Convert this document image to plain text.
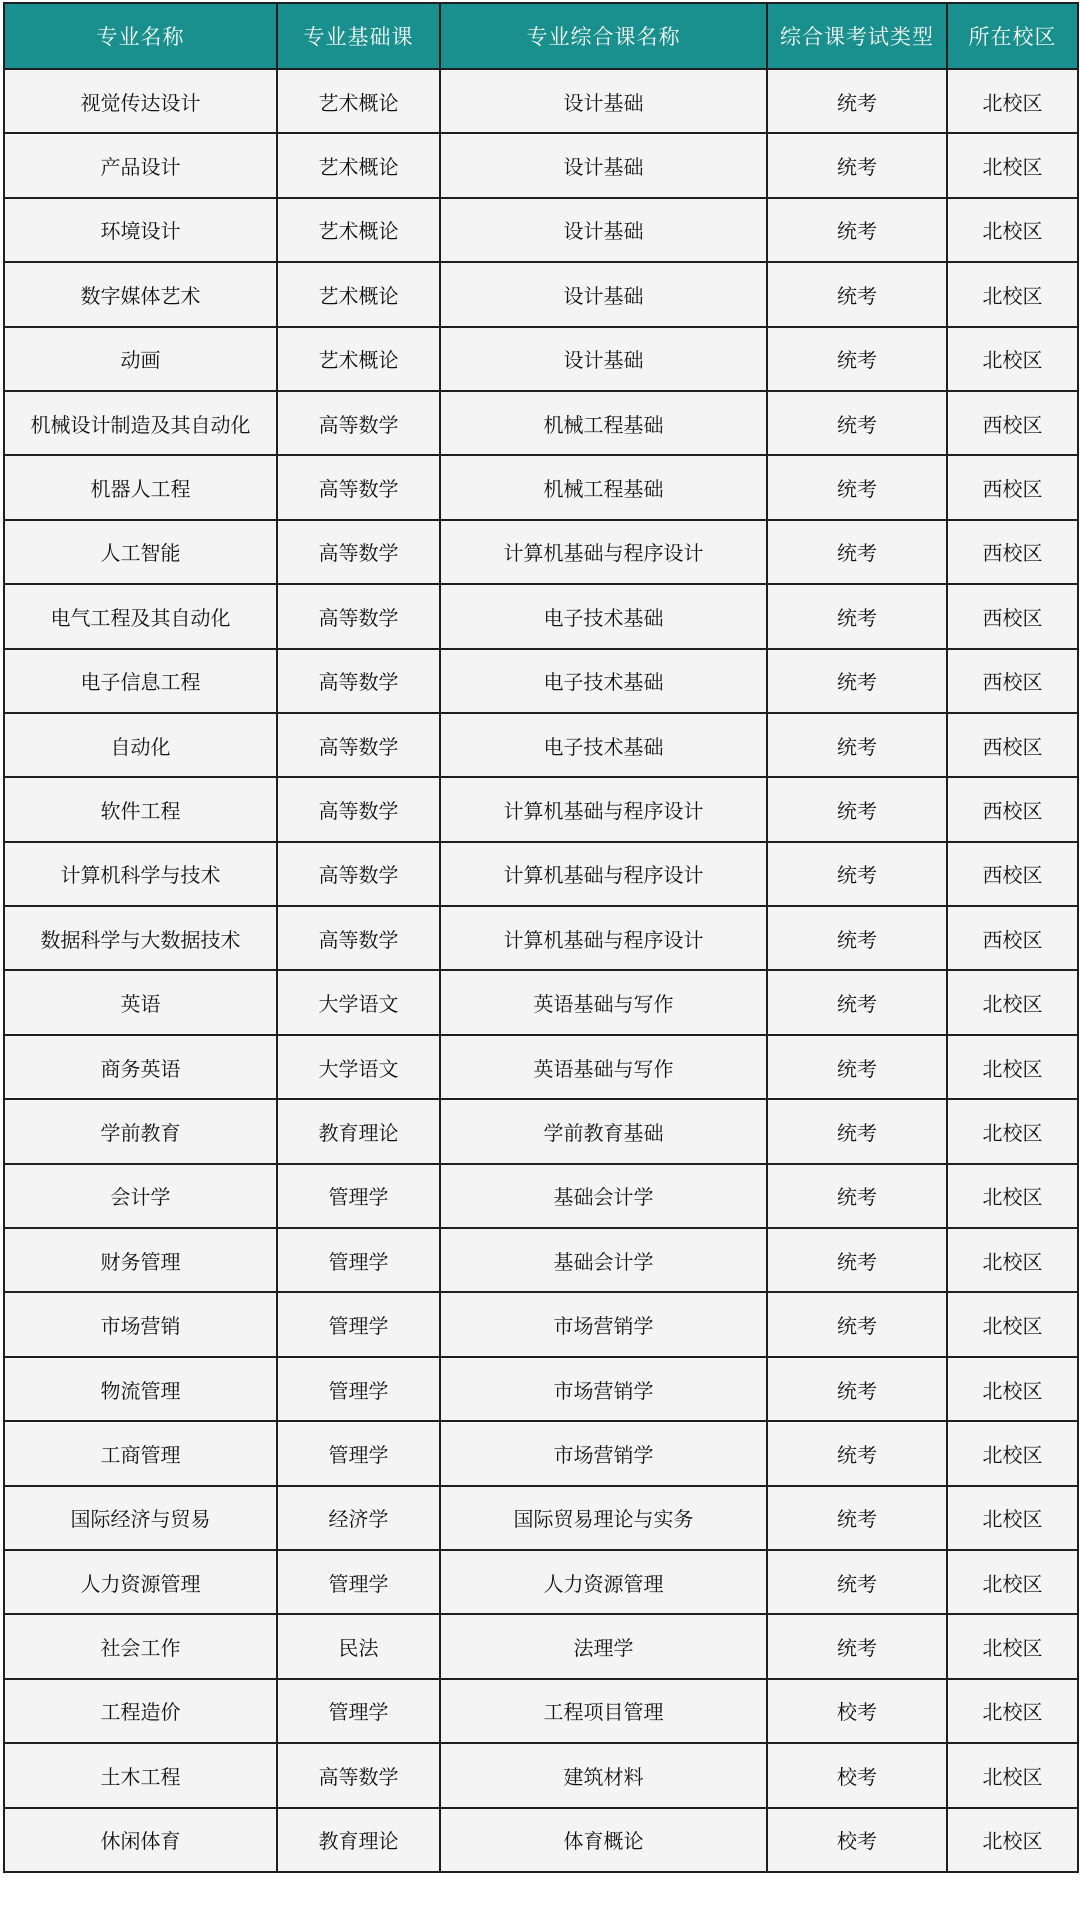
专业名称	专业基础课	专业综合课名称	综合课考试类型	所在校区
视觉传达设计	艺术概论	设计基础	统考	北校区
产品设计	艺术概论	设计基础	统考	北校区
环境设计	艺术概论	设计基础	统考	北校区
数字媒体艺术	艺术概论	设计基础	统考	北校区
动画	艺术概论	设计基础	统考	北校区
机械设计制造及其自动化	高等数学	机械工程基础	统考	西校区
机器人工程	高等数学	机械工程基础	统考	西校区
人工智能	高等数学	计算机基础与程序设计	统考	西校区
电气工程及其自动化	高等数学	电子技术基础	统考	西校区
电子信息工程	高等数学	电子技术基础	统考	西校区
自动化	高等数学	电子技术基础	统考	西校区
软件工程	高等数学	计算机基础与程序设计	统考	西校区
计算机科学与技术	高等数学	计算机基础与程序设计	统考	西校区
数据科学与大数据技术	高等数学	计算机基础与程序设计	统考	西校区
英语	大学语文	英语基础与写作	统考	北校区
商务英语	大学语文	英语基础与写作	统考	北校区
学前教育	教育理论	学前教育基础	统考	北校区
会计学	管理学	基础会计学	统考	北校区
财务管理	管理学	基础会计学	统考	北校区
市场营销	管理学	市场营销学	统考	北校区
物流管理	管理学	市场营销学	统考	北校区
工商管理	管理学	市场营销学	统考	北校区
国际经济与贸易	经济学	国际贸易理论与实务	统考	北校区
人力资源管理	管理学	人力资源管理	统考	北校区
社会工作	民法	法理学	统考	北校区
工程造价	管理学	工程项目管理	校考	北校区
土木工程	高等数学	建筑材料	校考	北校区
休闲体育	教育理论	体育概论	校考	北校区
